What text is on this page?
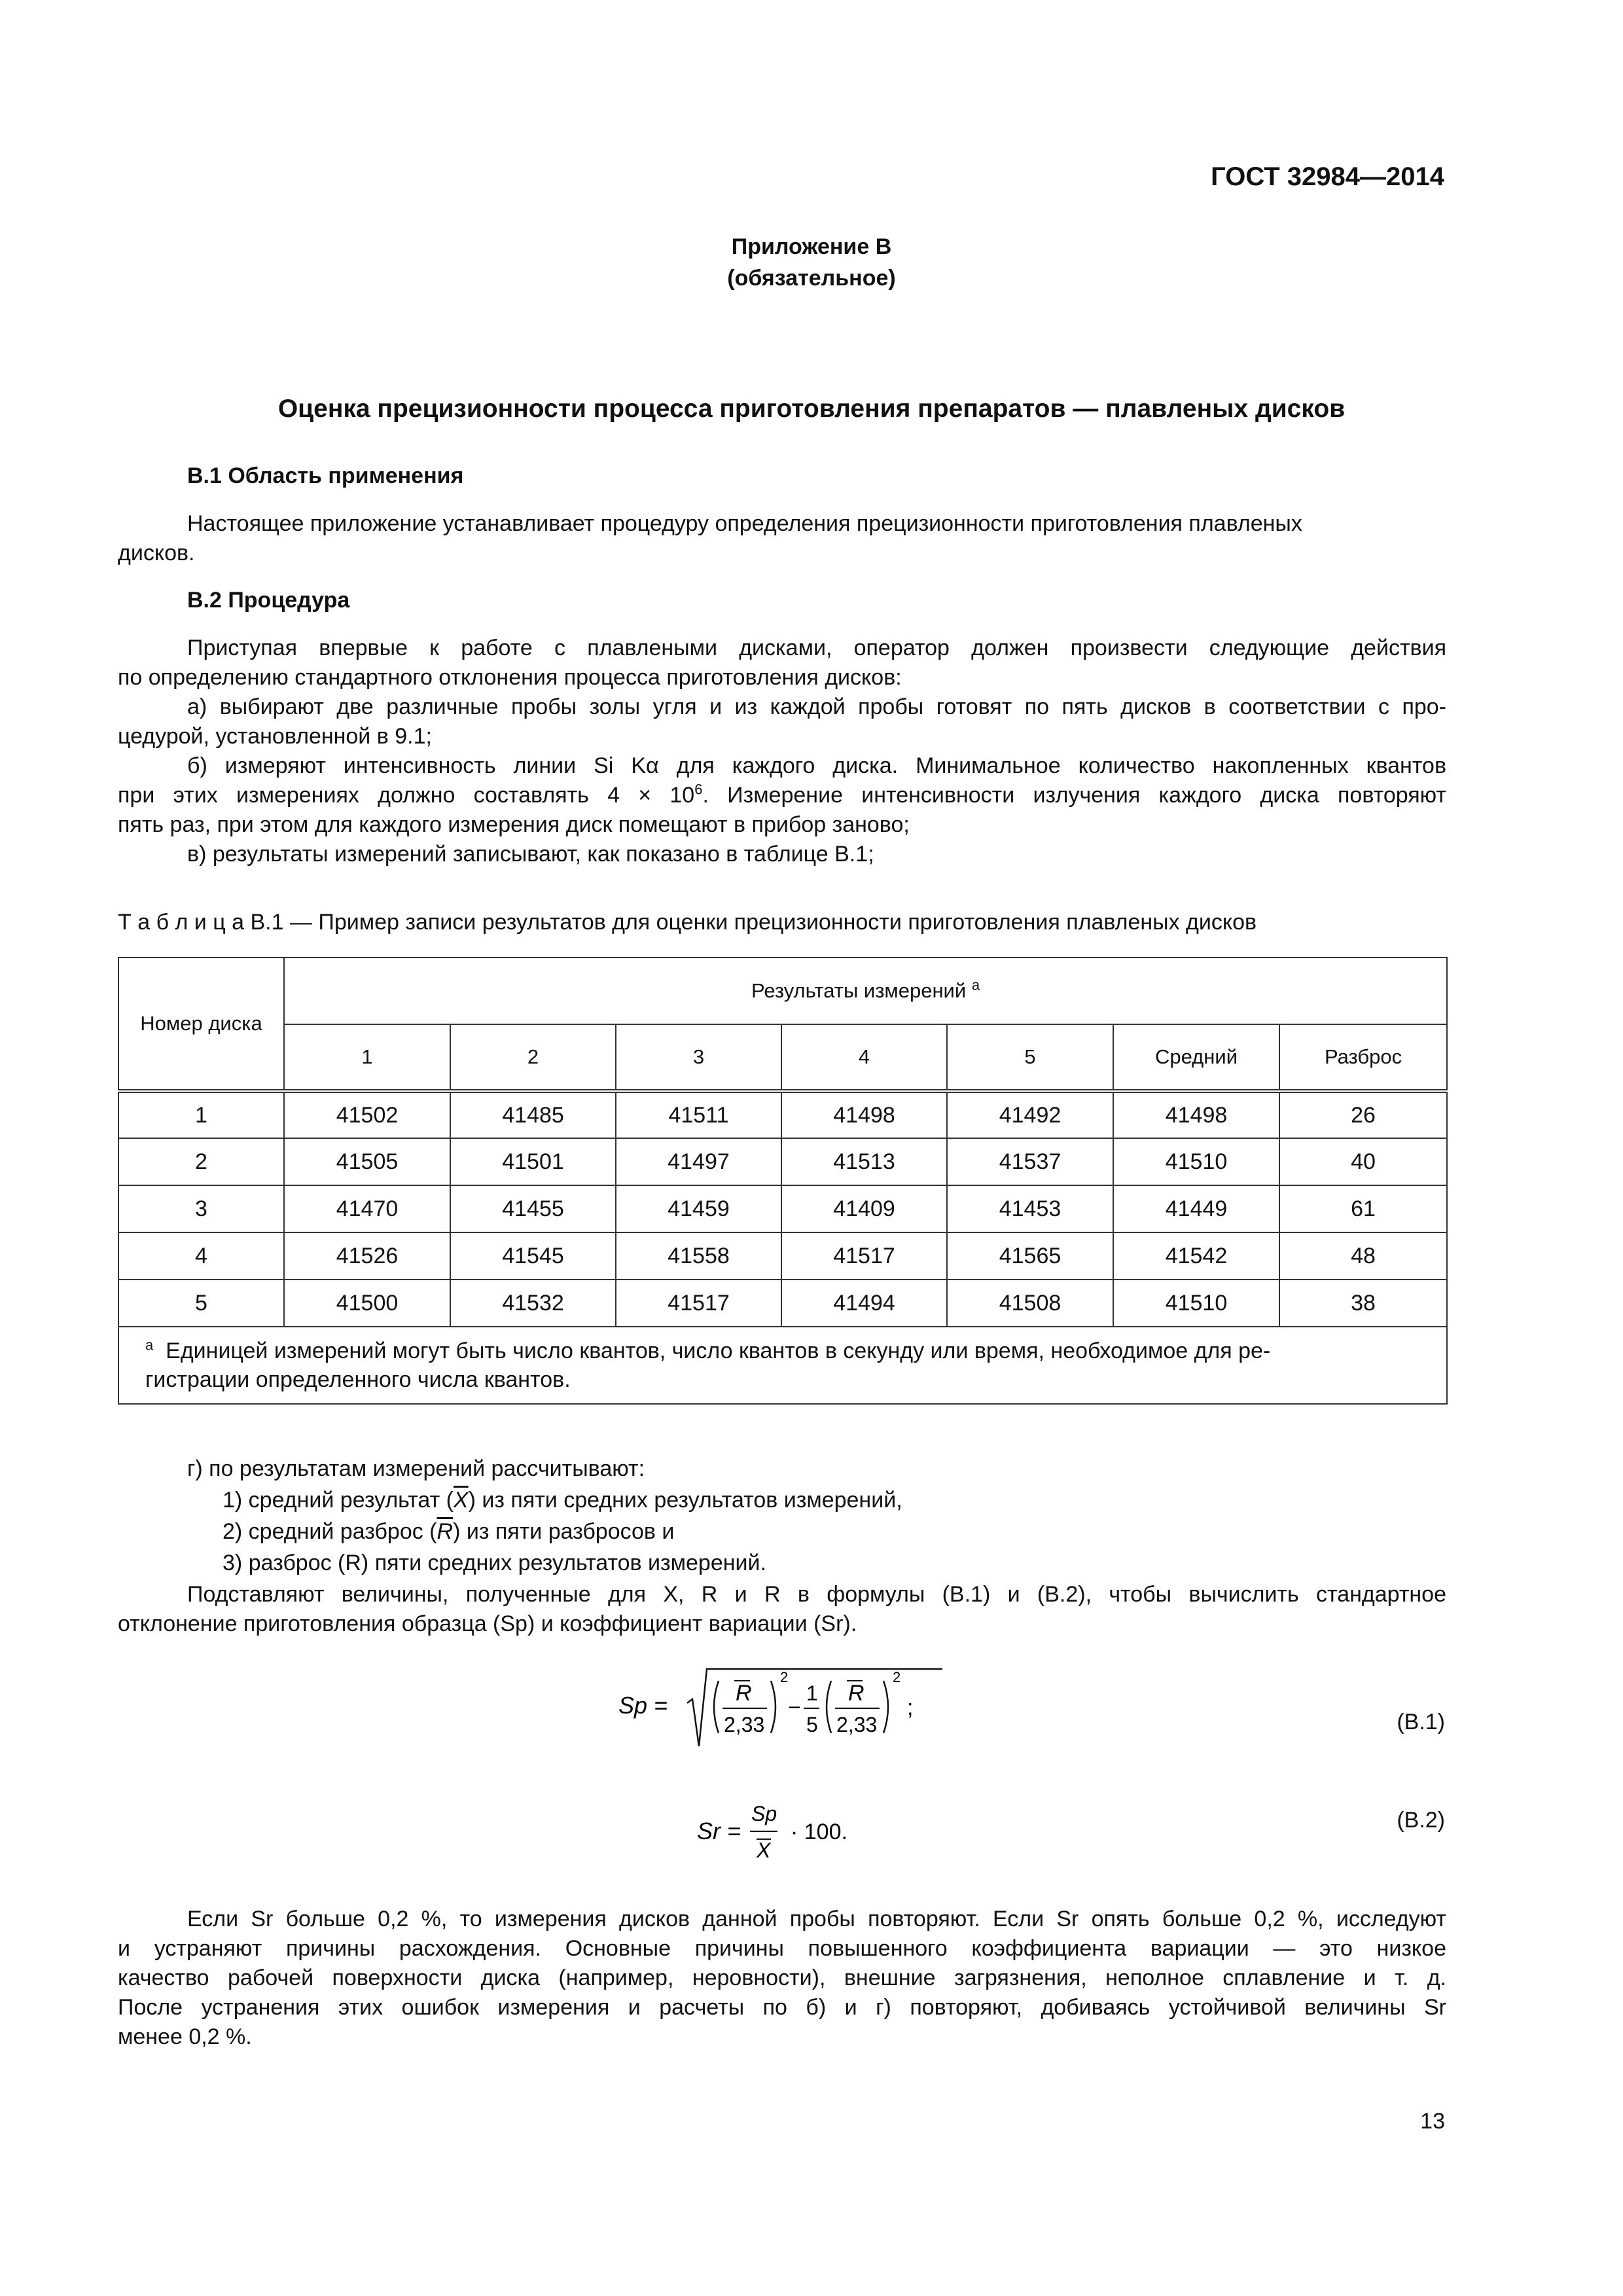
ГОСТ 32984—2014
Приложение В
(обязательное)
Оценка прецизионности процесса приготовления препаратов — плавленых дисков
В.1 Область применения
Настоящее приложение устанавливает процедуру определения прецизионности приготовления плавленых
дисков.
В.2 Процедура
Приступая впервые к работе с плавлеными дисками, оператор должен произвести следующие действия
по определению стандартного отклонения процесса приготовления дисков:
а) выбирают две различные пробы золы угля и из каждой пробы готовят по пять дисков в соответствии с про-
цедурой, установленной в 9.1;
б) измеряют интенсивность линии Si Kα для каждого диска. Минимальное количество накопленных квантов
при этих измерениях должно составлять $4 \times 10^6$. Измерение интенсивности излучения каждого диска повторяют
пять раз, при этом для каждого измерения диск помещают в прибор заново;
в) результаты измерений записывают, как показано в таблице В.1;
Т а б л и ц а В.1 — Пример записи результатов для оценки прецизионности приготовления плавленых дисков
Номер диска	Результаты измерений $^а$
	1	2	3	4	5	Средний	Разброс
1	41502	41485	41511	41498	41492	41498	26
2	41505	41501	41497	41513	41537	41510	40
3	41470	41455	41459	41409	41453	41449	61
4	41526	41545	41558	41517	41565	41542	48
5	41500	41532	41517	41494	41508	41510	38
$^а$ Единицей измерений могут быть число квантов, число квантов в секунду или время, необходимое для ре-
гистрации определенного числа квантов.							
г) по результатам измерений рассчитывают:
1) средний результат $(\overline{X})$ из пяти средних результатов измерений,
2) средний разброс $(\overline{R})$ из пяти разбросов и
3) разброс (R) пяти средних результатов измерений.
Подставляют величины, полученные для X, R и R в формулы (В.1) и (В.2), чтобы вычислить стандартное
отклонение приготовления образца (Sp) и коэффициент вариации (Sr).
Sp =	R
2,33
2
−
1
5
R
2,33
2
;
(В.1)
Sr =
Sp
X
· 100.	(В.2)
Если Sr больше 0,2 %, то измерения дисков данной пробы повторяют. Если Sr опять больше 0,2 %, исследуют
и устраняют причины расхождения. Основные причины повышенного коэффициента вариации — это низкое
качество рабочей поверхности диска (например, неровности), внешние загрязнения, неполное сплавление и т. д.
После устранения этих ошибок измерения и расчеты по б) и г) повторяют, добиваясь устойчивой величины Sr
менее 0,2 %.
13
